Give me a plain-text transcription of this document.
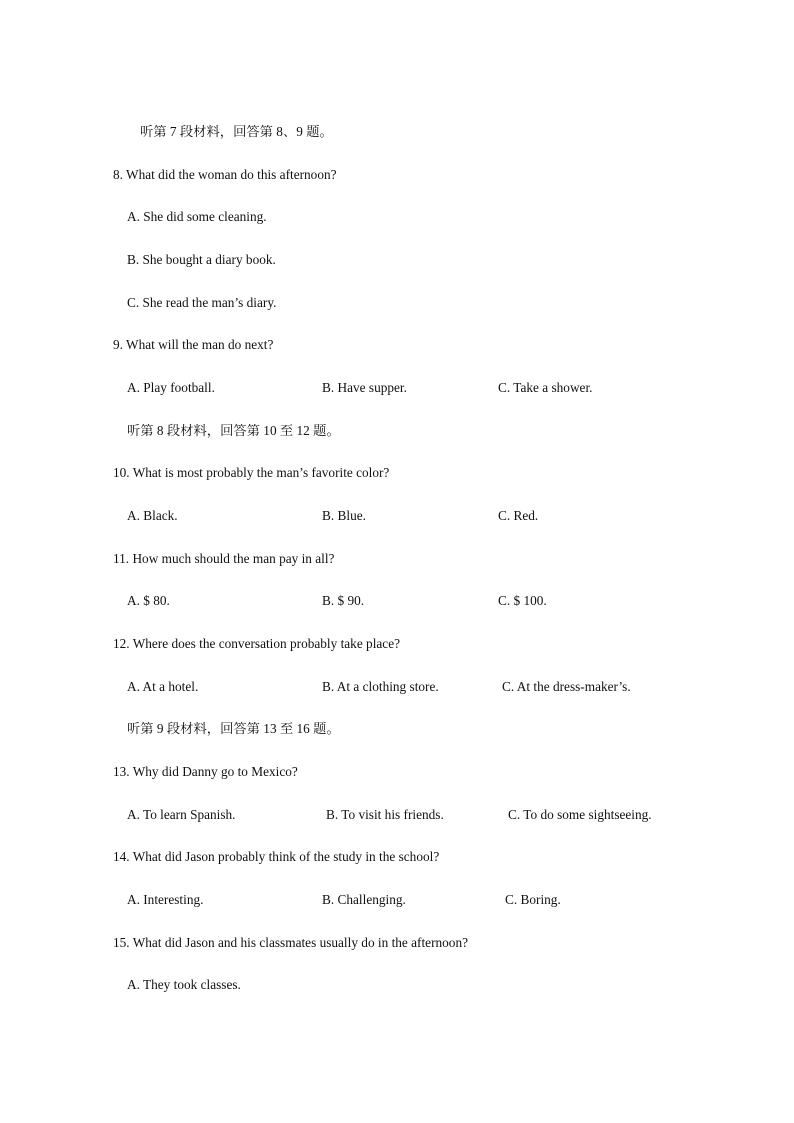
听第 7 段材料，回答第 8、9 题。
8. What did the woman do this afternoon?
A. She did some cleaning.
B. She bought a diary book.
C. She read the man’s diary.
9. What will the man do next?
A. Play football.	B. Have supper.	C. Take a shower.
听第 8 段材料，回答第 10 至 12 题。
10. What is most probably the man’s favorite color?
A. Black.	B. Blue.	C. Red.
11. How much should the man pay in all?
A. $ 80.	B. $ 90.	C. $ 100.
12. Where does the conversation probably take place?
A. At a hotel.	B. At a clothing store.	C. At the dress-maker’s.
听第 9 段材料，回答第 13 至 16 题。
13. Why did Danny go to Mexico?
A. To learn Spanish.	B. To visit his friends.	C. To do some sightseeing.
14. What did Jason probably think of the study in the school?
A. Interesting.	B. Challenging.	C. Boring.
15. What did Jason and his classmates usually do in the afternoon?
A. They took classes.
